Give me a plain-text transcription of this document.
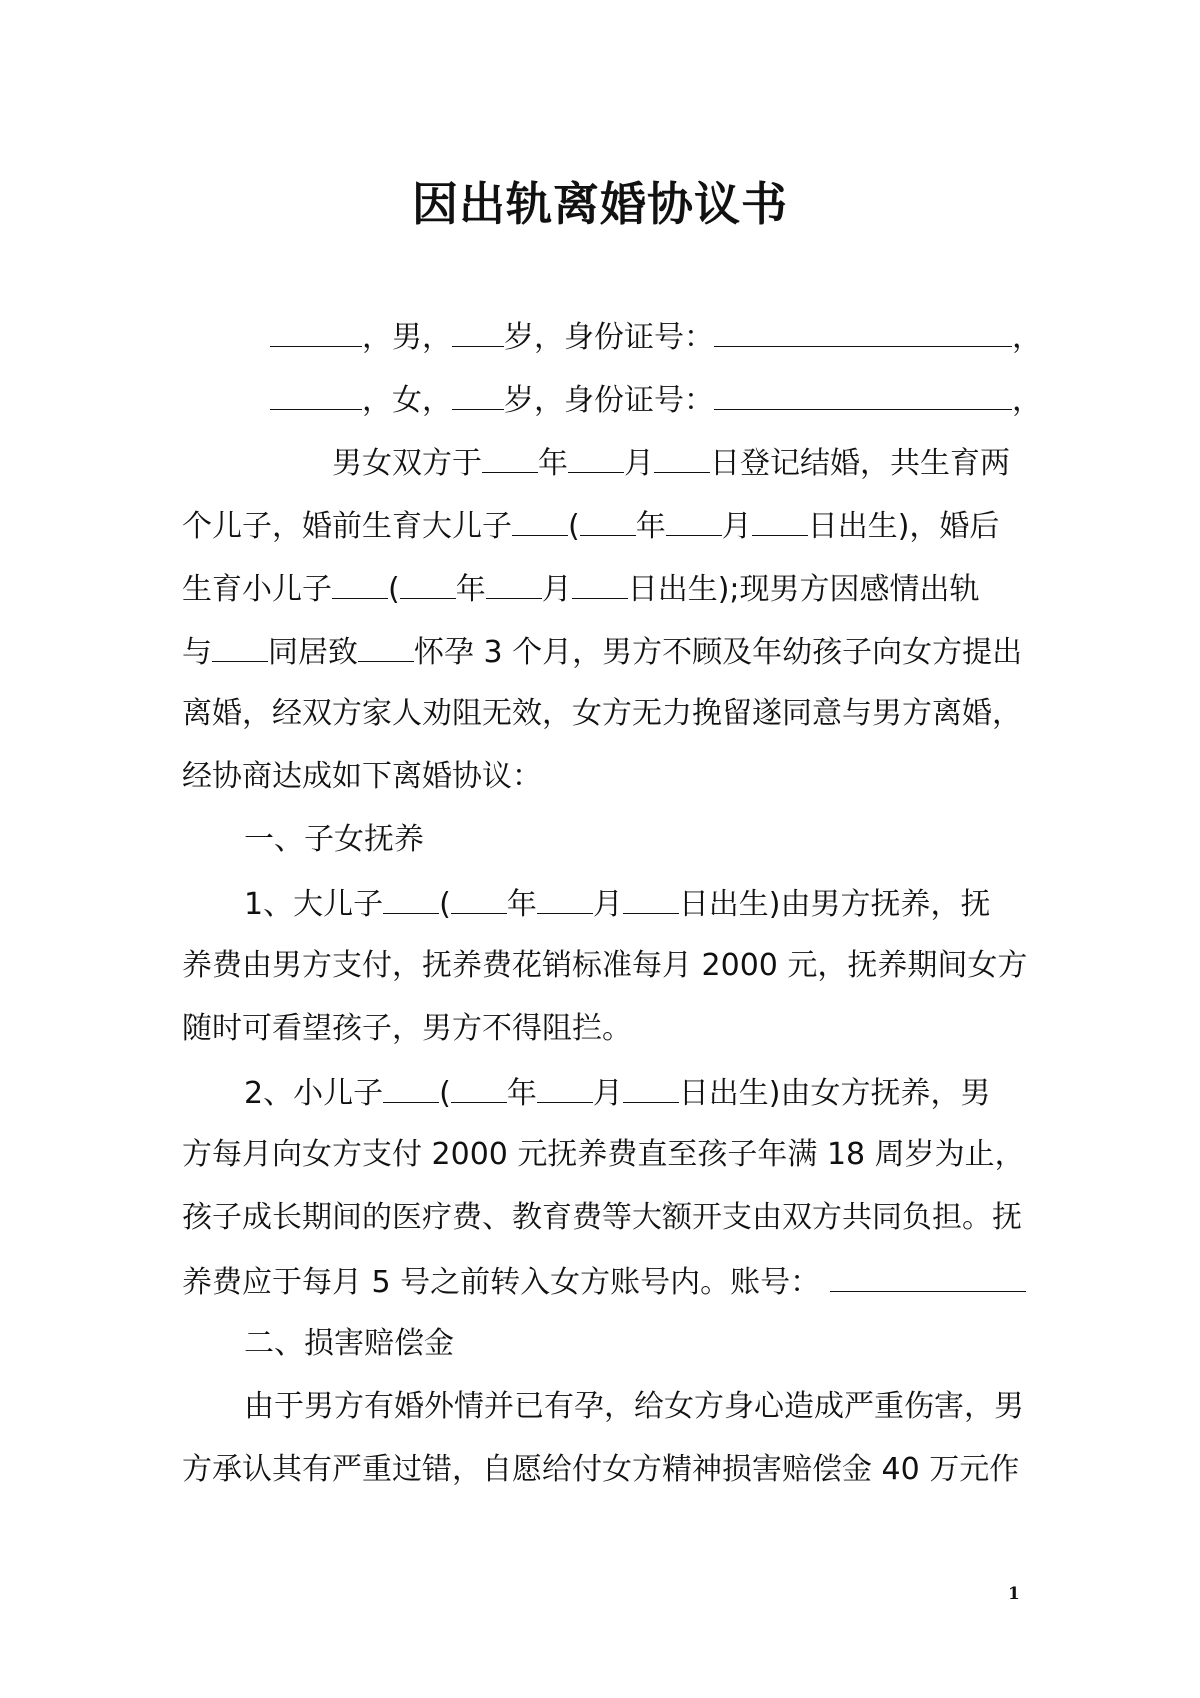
因出轨离婚协议书
，男， 岁，身份证号：	，
，女， 岁，身份证号：	，
男女双方于 年 月 日登记结婚，共生育两
个儿子，婚前生育大儿子 ( 年 月 日出生)，婚后
生育小儿子 ( 年 月 日出生);现男方因感情出轨
与 同居致 怀孕 3 个月，男方不顾及年幼孩子向女方提出
离婚，经双方家人劝阻无效，女方无力挽留遂同意与男方离婚，
经协商达成如下离婚协议：
一、子女抚养
1、大儿子 ( 年 月 日出生)由男方抚养，抚
养费由男方支付，抚养费花销标准每月 2000 元，抚养期间女方
随时可看望孩子，男方不得阻拦。
2、小儿子 ( 年 月 日出生)由女方抚养，男
方每月向女方支付 2000 元抚养费直至孩子年满 18 周岁为止，
孩子成长期间的医疗费、教育费等大额开支由双方共同负担。抚
养费应于每月 5 号之前转入女方账号内。账号：
二、损害赔偿金
由于男方有婚外情并已有孕，给女方身心造成严重伤害，男
方承认其有严重过错，自愿给付女方精神损害赔偿金 40 万元作
1
